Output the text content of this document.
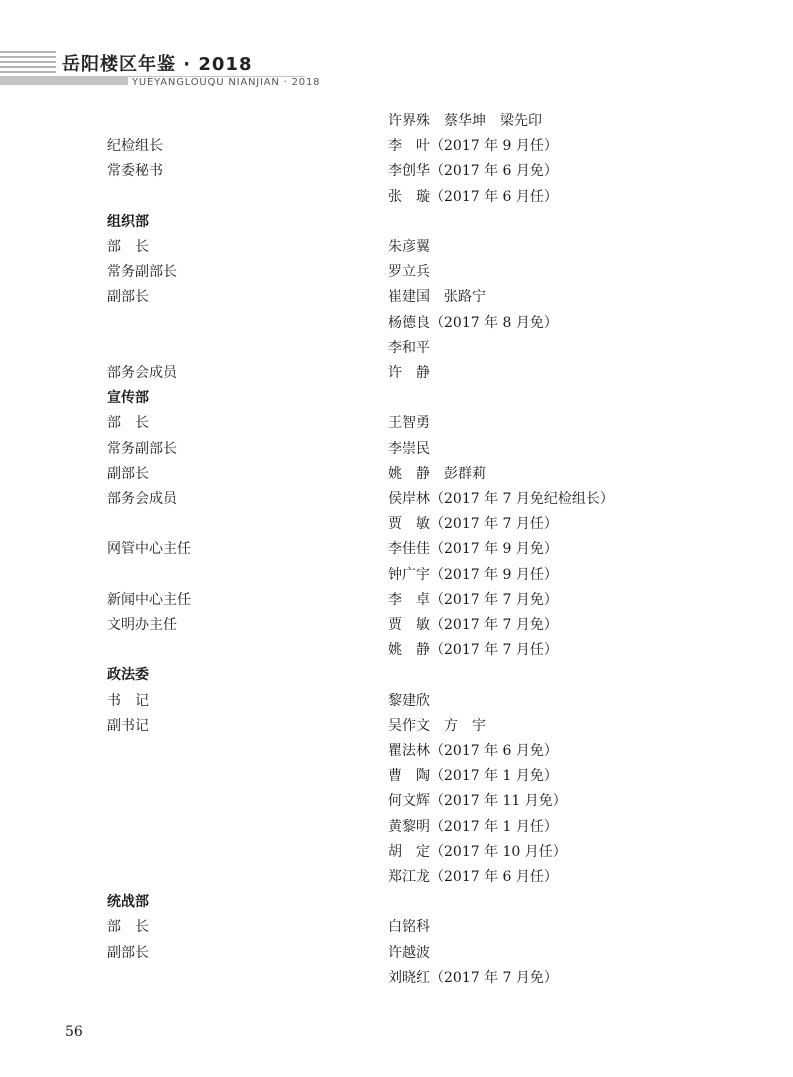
岳阳楼区年鉴 · 2018
YUEYANGLOUQU NIANJIAN · 2018
许界殊　蔡华坤　梁先印
纪检组长	李　叶（2017 年 9 月任）
常委秘书	李创华（2017 年 6 月免）
张　璇（2017 年 6 月任）
组织部
部　长	朱彦翼
常务副部长	罗立兵
副部长	崔建国　张路宁
杨德良（2017 年 8 月免）
李和平
部务会成员	许　静
宣传部
部　长	王智勇
常务副部长	李崇民
副部长	姚　静　彭群莉
部务会成员	侯岸林（2017 年 7 月免纪检组长）
贾　敏（2017 年 7 月任）
网管中心主任	李佳佳（2017 年 9 月免）
钟广宇（2017 年 9 月任）
新闻中心主任	李　卓（2017 年 7 月免）
文明办主任	贾　敏（2017 年 7 月免）
姚　静（2017 年 7 月任）
政法委
书　记	黎建欣
副书记	吴作文　方　宇
瞿法林（2017 年 6 月免）
曹　陶（2017 年 1 月免）
何文辉（2017 年 11 月免）
黄黎明（2017 年 1 月任）
胡　定（2017 年 10 月任）
郑江龙（2017 年 6 月任）
统战部
部　长	白铭科
副部长	许越波
刘晓红（2017 年 7 月免）
56
